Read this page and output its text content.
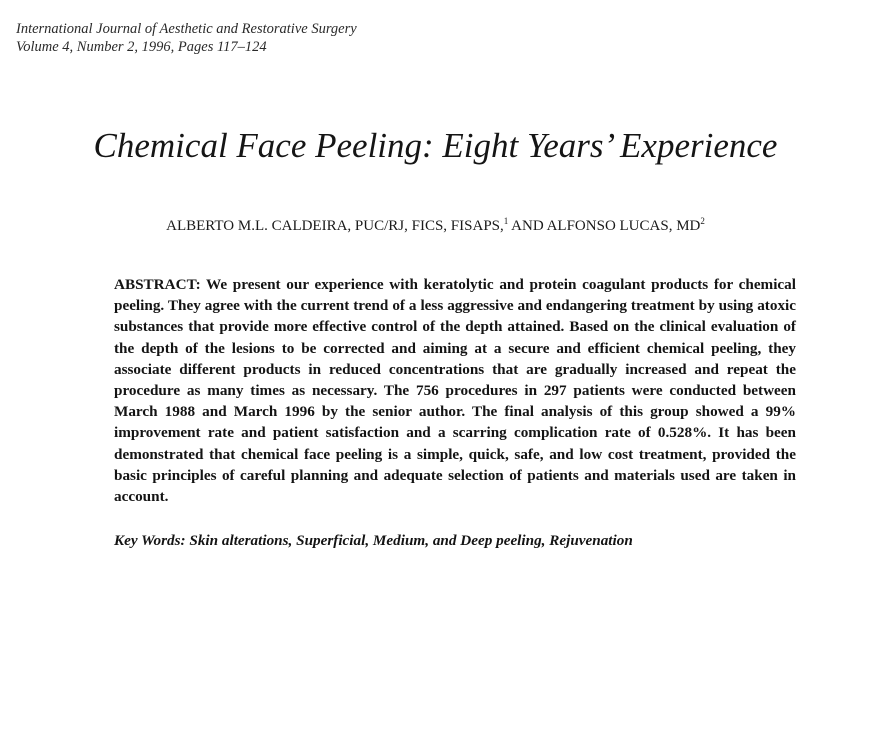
International Journal of Aesthetic and Restorative Surgery
Volume 4, Number 2, 1996, Pages 117–124
Chemical Face Peeling: Eight Years’ Experience
ALBERTO M.L. CALDEIRA, PUC/RJ, FICS, FISAPS,$^1$ AND ALFONSO LUCAS, $MD^2$
ABSTRACT: We present our experience with keratolytic and protein coagulant products for chemical peeling. They agree with the current trend of a less aggressive and endangering treatment by using atoxic substances that provide more effective control of the depth attained. Based on the clinical evaluation of the depth of the lesions to be corrected and aiming at a secure and efficient chemical peeling, they associate different products in reduced concentrations that are gradually increased and repeat the procedure as many times as necessary. The 756 procedures in 297 patients were conducted between March 1988 and March 1996 by the senior author. The final analysis of this group showed a 99% improvement rate and patient satisfaction and a scarring complication rate of 0.528%. It has been demonstrated that chemical face peeling is a simple, quick, safe, and low cost treatment, provided the basic principles of careful planning and adequate selection of patients and materials used are taken in account.
Key Words: Skin alterations, Superficial, Medium, and Deep peeling, Rejuvenation
